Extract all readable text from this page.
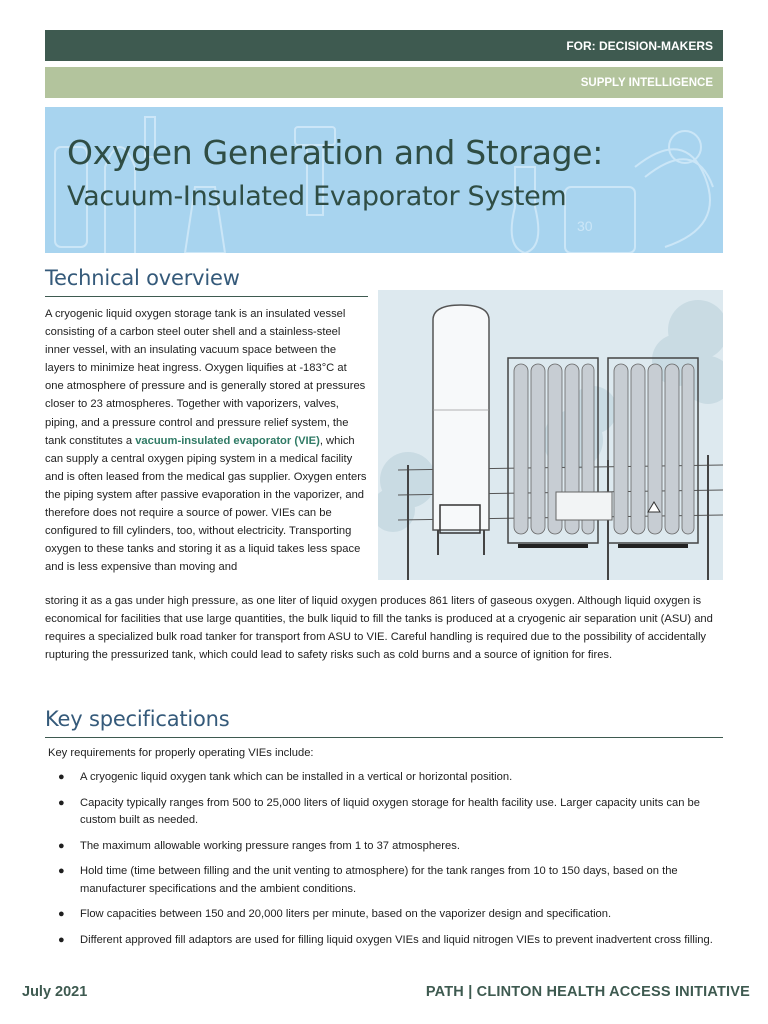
FOR: DECISION-MAKERS
SUPPLY INTELLIGENCE
30
Oxygen Generation and Storage:
Vacuum-Insulated Evaporator System
Technical overview

A cryogenic liquid oxygen storage tank is an insulated vessel consisting of a carbon steel outer shell and a stainless-steel inner vessel, with an insulating vacuum space between the layers to minimize heat ingress. Oxygen liquifies at -183°C at one atmosphere of pressure and is generally stored at pressures closer to 23 atmospheres. Together with vaporizers, valves, piping, and a pressure control and pressure relief system, the tank constitutes a vacuum-insulated evaporator (VIE), which can supply a central oxygen piping system in a medical facility and is often leased from the medical gas supplier. Oxygen enters the piping system after passive evaporation in the vaporizer, and therefore does not require a source of power. VIEs can be configured to fill cylinders, too, without electricity. Transporting oxygen to these tanks and storing it as a liquid takes less space and is less expensive than moving and

storing it as a gas under high pressure, as one liter of liquid oxygen produces 861 liters of gaseous oxygen. Although liquid oxygen is economical for facilities that use large quantities, the bulk liquid to fill the tanks is produced at a cryogenic air separation unit (ASU) and requires a specialized bulk road tanker for transport from ASU to VIE. Careful handling is required due to the possibility of accidentally rupturing the pressurized tank, which could lead to safety risks such as cold burns and a source of ignition for fires.

Key specifications

Key requirements for properly operating VIEs include:

● A cryogenic liquid oxygen tank which can be installed in a vertical or horizontal position.
● Capacity typically ranges from 500 to 25,000 liters of liquid oxygen storage for health facility use. Larger capacity units can be custom built as needed.
● The maximum allowable working pressure ranges from 1 to 37 atmospheres.
● Hold time (time between filling and the unit venting to atmosphere) for the tank ranges from 10 to 150 days, based on the manufacturer specifications and the ambient conditions.
● Flow capacities between 150 and 20,000 liters per minute, based on the vaporizer design and specification.
● Different approved fill adaptors are used for filling liquid oxygen VIEs and liquid nitrogen VIEs to prevent inadvertent cross filling.
July 2021	PATH | CLINTON HEALTH ACCESS INITIATIVE
